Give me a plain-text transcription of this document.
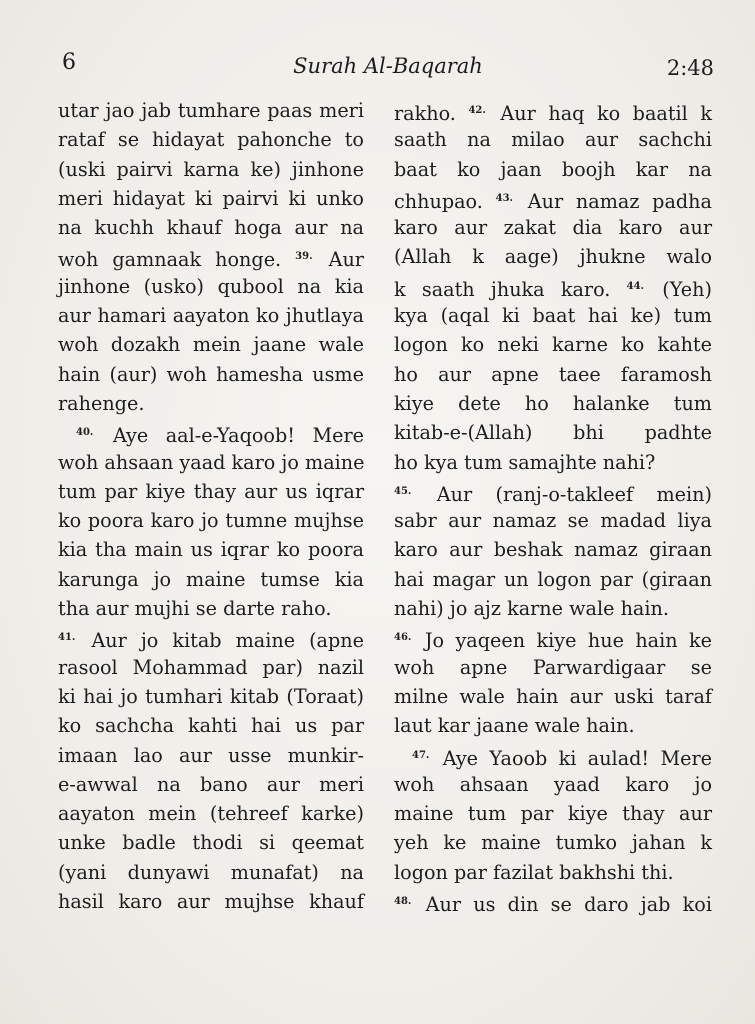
6	Surah Al-Baqarah	2:48
utar jao jab tumhare paas meri
rataf se hidayat pahonche to
(uski pairvi karna ke) jinhone
meri hidayat ki pairvi ki unko
na kuchh khauf hoga aur na
woh gamnaak honge. $^{39.}$ Aur
jinhone (usko) qubool na kia
aur hamari aayaton ko jhutlaya
woh dozakh mein jaane wale
hain (aur) woh hamesha usme
rahenge.
$^{40.}$ Aye aal-e-Yaqoob! Mere
woh ahsaan yaad karo jo maine
tum par kiye thay aur us iqrar
ko poora karo jo tumne mujhse
kia tha main us iqrar ko poora
karunga jo maine tumse kia
tha aur mujhi se darte raho.
$^{41.}$ Aur jo kitab maine (apne
rasool Mohammad par) nazil
ki hai jo tumhari kitab (Toraat)
ko sachcha kahti hai us par
imaan lao aur usse munkir-
e-awwal na bano aur meri
aayaton mein (tehreef karke)
unke badle thodi si qeemat
(yani dunyawi munafat) na
hasil karo aur mujhse khauf
rakho. $^{42.}$ Aur haq ko baatil k
saath na milao aur sachchi
baat ko jaan boojh kar na
chhupao. $^{43.}$ Aur namaz padha
karo aur zakat dia karo aur
(Allah k aage) jhukne walo
k saath jhuka karo. $^{44.}$ (Yeh)
kya (aqal ki baat hai ke) tum
logon ko neki karne ko kahte
ho aur apne taee faramosh
kiye dete ho halanke tum
kitab-e-(Allah) bhi padhte
ho kya tum samajhte nahi?
$^{45.}$ Aur (ranj-o-takleef mein)
sabr aur namaz se madad liya
karo aur beshak namaz giraan
hai magar un logon par (giraan
nahi) jo ajz karne wale hain.
$^{46.}$ Jo yaqeen kiye hue hain ke
woh apne Parwardigaar se
milne wale hain aur uski taraf
laut kar jaane wale hain.
$^{47.}$ Aye Yaoob ki aulad! Mere
woh ahsaan yaad karo jo
maine tum par kiye thay aur
yeh ke maine tumko jahan k
logon par fazilat bakhshi thi.
$^{48.}$ Aur us din se daro jab koi
